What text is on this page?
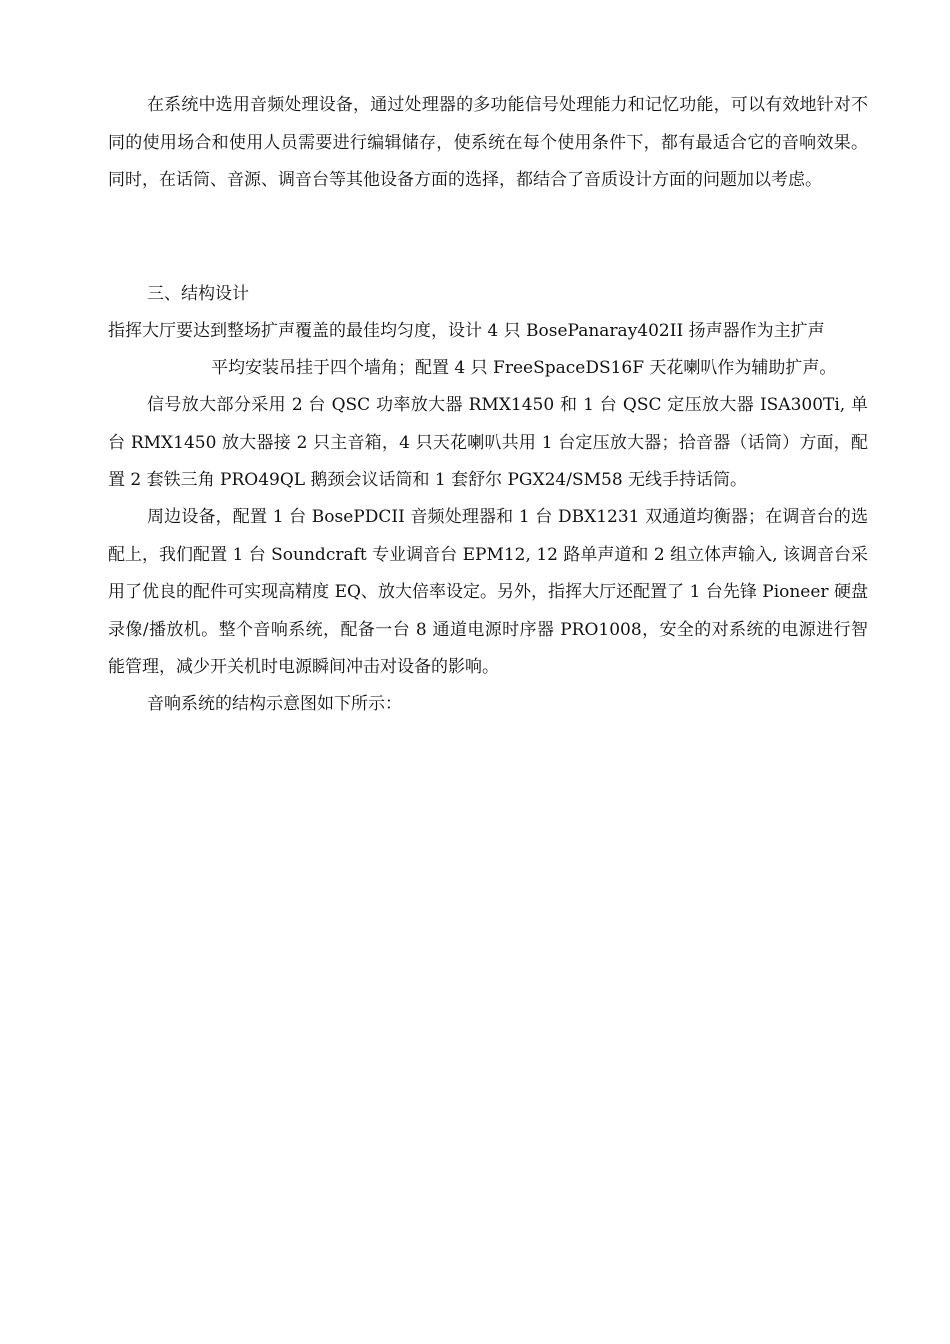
在系统中选用音频处理设备，通过处理器的多功能信号处理能力和记忆功能，可以有效地针对不同的使用场合和使用人员需要进行编辑储存，使系统在每个使用条件下，都有最适合它的音响效果。同时，在话筒、音源、调音台等其他设备方面的选择，都结合了音质设计方面的问题加以考虑。

三、结构设计

指挥大厅要达到整场扩声覆盖的最佳均匀度，设计 4 只 BosePanaray402II 扬声器作为主扩声

平均安装吊挂于四个墙角；配置 4 只 FreeSpaceDS16F 天花喇叭作为辅助扩声。

信号放大部分采用 2 台 QSC 功率放大器 RMX1450 和 1 台 QSC 定压放大器 ISA300Ti, 单台 RMX1450 放大器接 2 只主音箱，4 只天花喇叭共用 1 台定压放大器；拾音器（话筒）方面，配置 2 套铁三角 PRO49QL 鹅颈会议话筒和 1 套舒尔 PGX24/SM58 无线手持话筒。

周边设备，配置 1 台 BosePDCII 音频处理器和 1 台 DBX1231 双通道均衡器；在调音台的选配上，我们配置 1 台 Soundcraft 专业调音台 EPM12, 12 路单声道和 2 组立体声输入, 该调音台采用了优良的配件可实现高精度 EQ、放大倍率设定。另外，指挥大厅还配置了 1 台先锋 Pioneer 硬盘录像/播放机。整个音响系统，配备一台 8 通道电源时序器 PRO1008，安全的对系统的电源进行智能管理，减少开关机时电源瞬间冲击对设备的影响。

音响系统的结构示意图如下所示：
